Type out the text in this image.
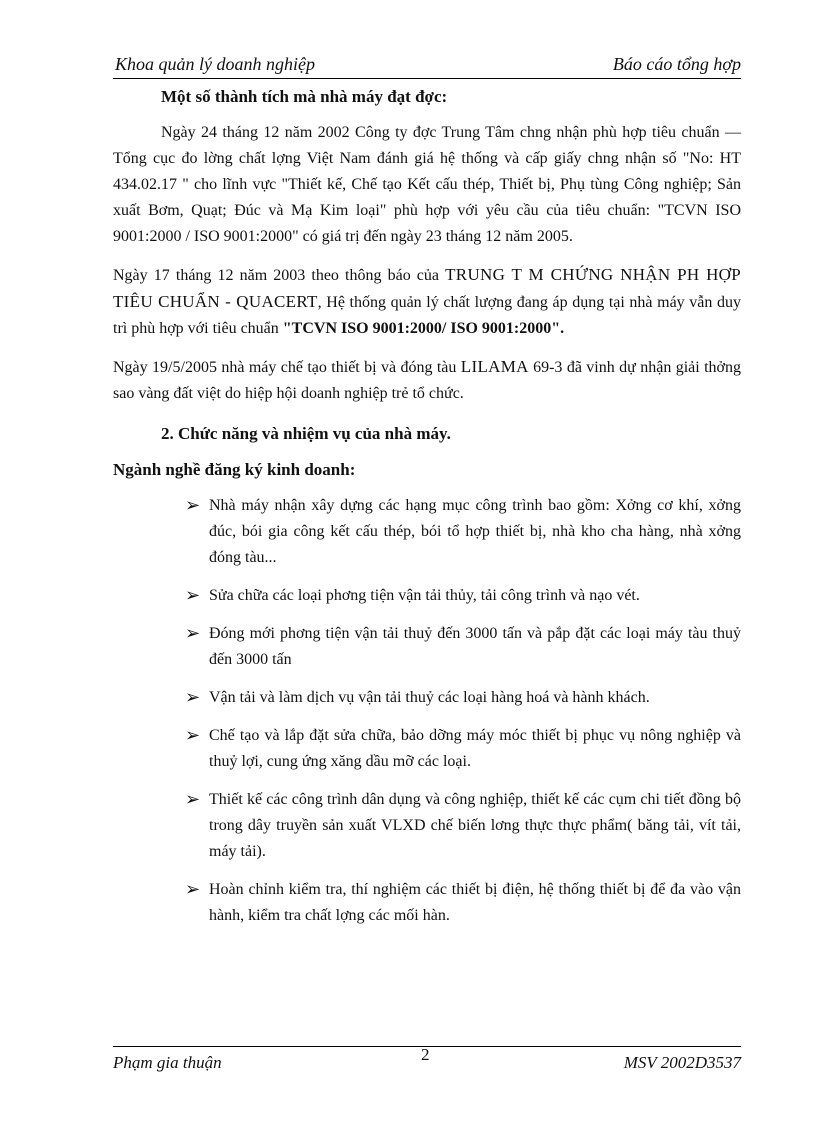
Khoa quản lý doanh nghiệp	Báo cáo tổng hợp

Một số thành tích mà nhà máy đạt đợc:

Ngày 24 tháng 12 năm 2002 Công ty đợc Trung Tâm chng nhận phù hợp tiêu chuẩn — Tổng cục đo lờng chất lợng Việt Nam đánh giá hệ thống và cấp giấy chng nhận số "No: HT 434.02.17 " cho lĩnh vực "Thiết kế, Chế tạo Kết cấu thép, Thiết bị, Phụ tùng Công nghiệp; Sản xuất Bơm, Quạt; Đúc và Mạ Kim loại" phù hợp với yêu cầu của tiêu chuẩn: "TCVN ISO 9001:2000 / ISO 9001:2000" có giá trị đến ngày 23 tháng 12 năm 2005.

Ngày 17 tháng 12 năm 2003 theo thông báo của TRUNG T M CHỨNG NHẬN PH HỢP TIÊU CHUẨN - QUACERT, Hệ thống quản lý chất lượng đang áp dụng tại nhà máy vẫn duy trì phù hợp với tiêu chuẩn "TCVN ISO 9001:2000/ ISO 9001:2000".

Ngày 19/5/2005 nhà máy chế tạo thiết bị và đóng tàu LILAMA 69-3 đã vinh dự nhận giải thởng sao vàng đất việt do hiệp hội doanh nghiệp trẻ tổ chức.

2. Chức năng và nhiệm vụ của nhà máy.

Ngành nghề đăng ký kinh doanh:

➢ Nhà máy nhận xây dựng các hạng mục công trình bao gồm: Xởng cơ khí, xởng đúc, bói gia công kết cấu thép, bói tổ hợp thiết bị, nhà kho cha hàng, nhà xởng đóng tàu...
➢ Sửa chữa các loại phơng tiện vận tải thủy, tải công trình và nạo vét.
➢ Đóng mới phơng tiện vận tải thuỷ đến 3000 tấn và pắp đặt các loại máy tàu thuỷ đến 3000 tấn
➢ Vận tải và làm dịch vụ vận tải thuỷ các loại hàng hoá và hành khách.
➢ Chế tạo và lắp đặt sửa chữa, bảo dỡng máy móc thiết bị phục vụ nông nghiệp và thuỷ lợi, cung ứng xăng dầu mỡ các loại.
➢ Thiết kế các công trình dân dụng và công nghiệp, thiết kế các cụm chi tiết đồng bộ trong dây truyền sản xuất VLXD chế biến lơng thực thực phẩm( băng tải, vít tải, máy tải).
➢ Hoàn chỉnh kiểm tra, thí nghiệm các thiết bị điện, hệ thống thiết bị để đa vào vận hành, kiểm tra chất lợng các mối hàn.
Phạm gia thuận	2	MSV 2002D3537
